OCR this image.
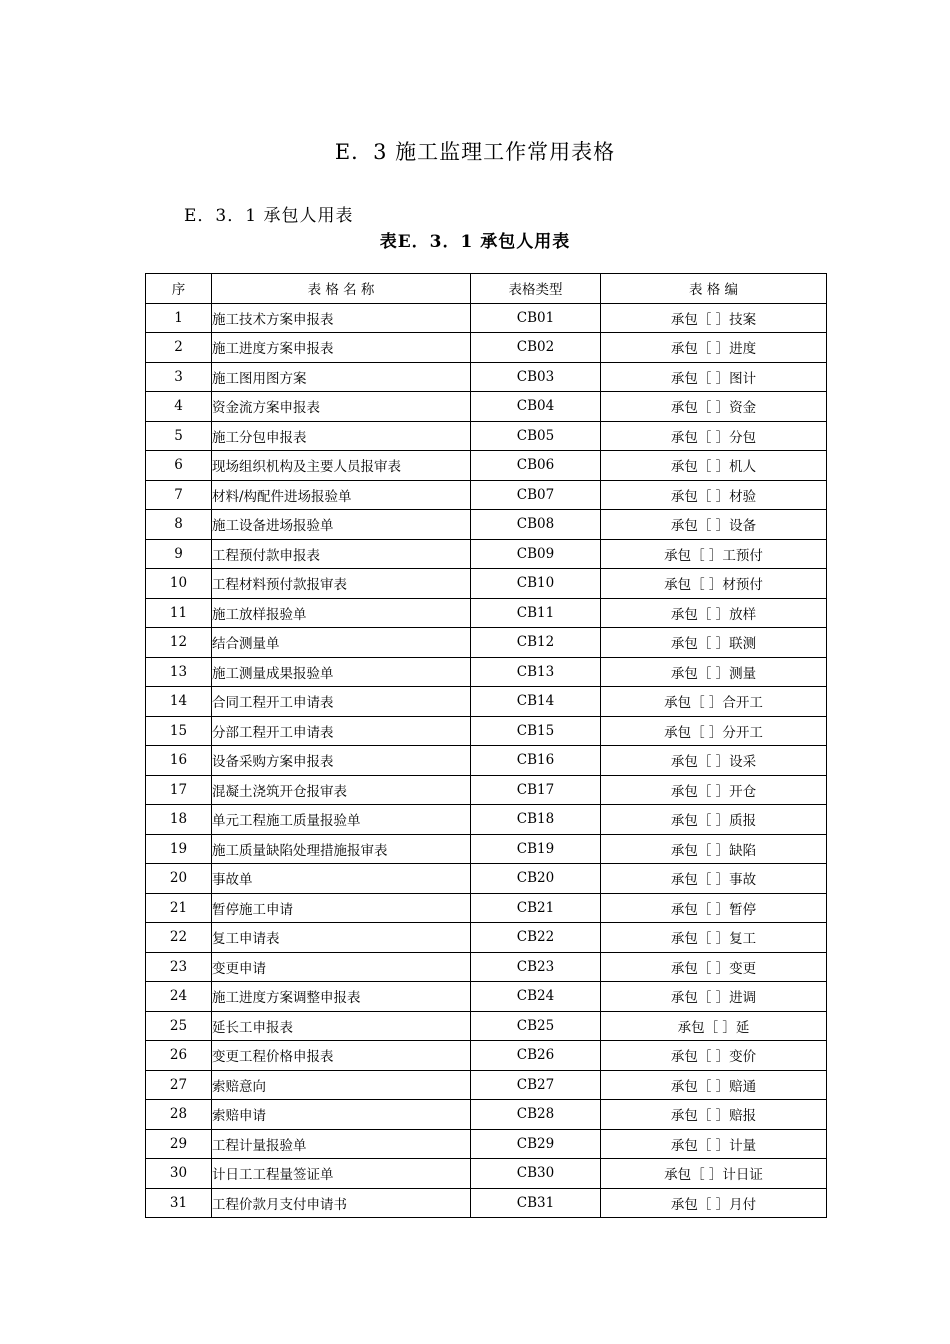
E．3 施工监理工作常用表格
E．3．1 承包人用表
表E．3．1 承包人用表
序	表 格 名 称	表格类型	表 格 编
1	施工技术方案申报表	CB01	承包［ ］技案
2	施工进度方案申报表	CB02	承包［ ］进度
3	施工图用图方案	CB03	承包［ ］图计
4	资金流方案申报表	CB04	承包［ ］资金
5	施工分包申报表	CB05	承包［ ］分包
6	现场组织机构及主要人员报审表	CB06	承包［ ］机人
7	材料/构配件进场报验单	CB07	承包［ ］材验
8	施工设备进场报验单	CB08	承包［ ］设备
9	工程预付款申报表	CB09	承包［ ］工预付
10	工程材料预付款报审表	CB10	承包［ ］材预付
11	施工放样报验单	CB11	承包［ ］放样
12	结合测量单	CB12	承包［ ］联测
13	施工测量成果报验单	CB13	承包［ ］测量
14	合同工程开工申请表	CB14	承包［ ］合开工
15	分部工程开工申请表	CB15	承包［ ］分开工
16	设备采购方案申报表	CB16	承包［ ］设采
17	混凝土浇筑开仓报审表	CB17	承包［ ］开仓
18	单元工程施工质量报验单	CB18	承包［ ］质报
19	施工质量缺陷处理措施报审表	CB19	承包［ ］缺陷
20	事故单	CB20	承包［ ］事故
21	暂停施工申请	CB21	承包［ ］暂停
22	复工申请表	CB22	承包［ ］复工
23	变更申请	CB23	承包［ ］变更
24	施工进度方案调整申报表	CB24	承包［ ］进调
25	延长工申报表	CB25	承包［ ］延
26	变更工程价格申报表	CB26	承包［ ］变价
27	索赔意向	CB27	承包［ ］赔通
28	索赔申请	CB28	承包［ ］赔报
29	工程计量报验单	CB29	承包［ ］计量
30	计日工工程量签证单	CB30	承包［ ］计日证
31	工程价款月支付申请书	CB31	承包［ ］月付
